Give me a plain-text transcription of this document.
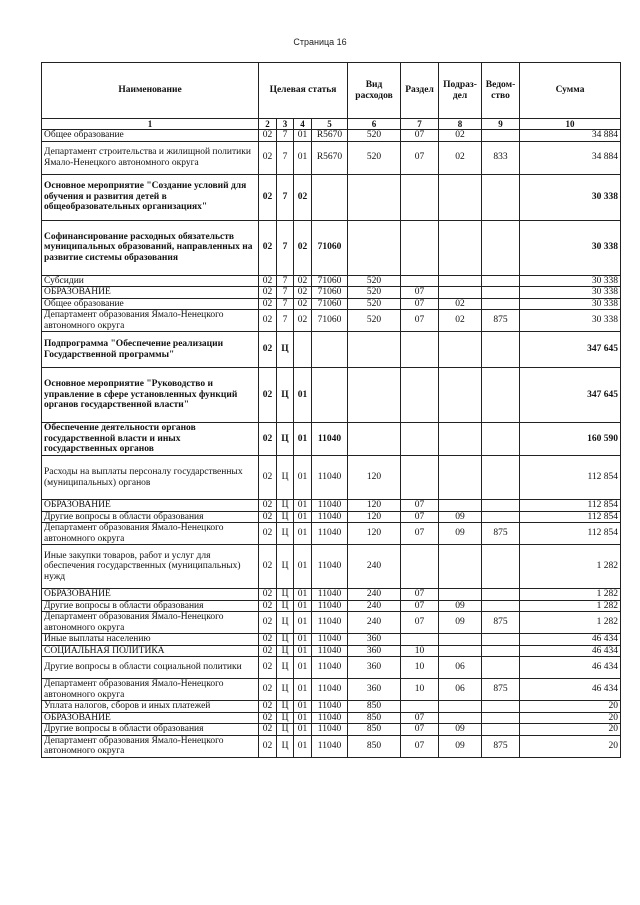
Страница 16
Наименование	Целевая статья				Вид расходов	Раздел	Подраз-дел	Ведом-ство	Сумма
1	2	3	4	5	6	7	8	9	10
Общее образование	02	7	01	R5670	520	07	02		34 884
Департамент строительства и жилищной политики Ямало-Ненецкого автономного округа	02	7	01	R5670	520	07	02	833	34 884
Основное мероприятие "Создание условий для обучения и развития детей в общеобразовательных организациях"	02	7	02						30 338
Софинансирование расходных обязательств муниципальных образований, направленных на развитие системы образования	02	7	02	71060					30 338
Субсидии	02	7	02	71060	520				30 338
ОБРАЗОВАНИЕ	02	7	02	71060	520	07			30 338
Общее образование	02	7	02	71060	520	07	02		30 338
Департамент образования Ямало-Ненецкого автономного округа	02	7	02	71060	520	07	02	875	30 338
Подпрограмма "Обеспечение реализации Государственной программы"	02	Ц							347 645
Основное мероприятие "Руководство и управление в сфере установленных функций органов государственной власти"	02	Ц	01						347 645
Обеспечение деятельности органов государственной власти и иных государственных органов	02	Ц	01	11040					160 590
Расходы на выплаты персоналу государственных (муниципальных) органов	02	Ц	01	11040	120				112 854
ОБРАЗОВАНИЕ	02	Ц	01	11040	120	07			112 854
Другие вопросы в области образования	02	Ц	01	11040	120	07	09		112 854
Департамент образования Ямало-Ненецкого автономного округа	02	Ц	01	11040	120	07	09	875	112 854
Иные закупки товаров, работ и услуг для обеспечения государственных (муниципальных) нужд	02	Ц	01	11040	240				1 282
ОБРАЗОВАНИЕ	02	Ц	01	11040	240	07			1 282
Другие вопросы в области образования	02	Ц	01	11040	240	07	09		1 282
Департамент образования Ямало-Ненецкого автономного округа	02	Ц	01	11040	240	07	09	875	1 282
Иные выплаты населению	02	Ц	01	11040	360				46 434
СОЦИАЛЬНАЯ ПОЛИТИКА	02	Ц	01	11040	360	10			46 434
Другие вопросы в области социальной политики	02	Ц	01	11040	360	10	06		46 434
Департамент образования Ямало-Ненецкого автономного округа	02	Ц	01	11040	360	10	06	875	46 434
Уплата налогов, сборов и иных платежей	02	Ц	01	11040	850				20
ОБРАЗОВАНИЕ	02	Ц	01	11040	850	07			20
Другие вопросы в области образования	02	Ц	01	11040	850	07	09		20
Департамент образования Ямало-Ненецкого автономного округа	02	Ц	01	11040	850	07	09	875	20
